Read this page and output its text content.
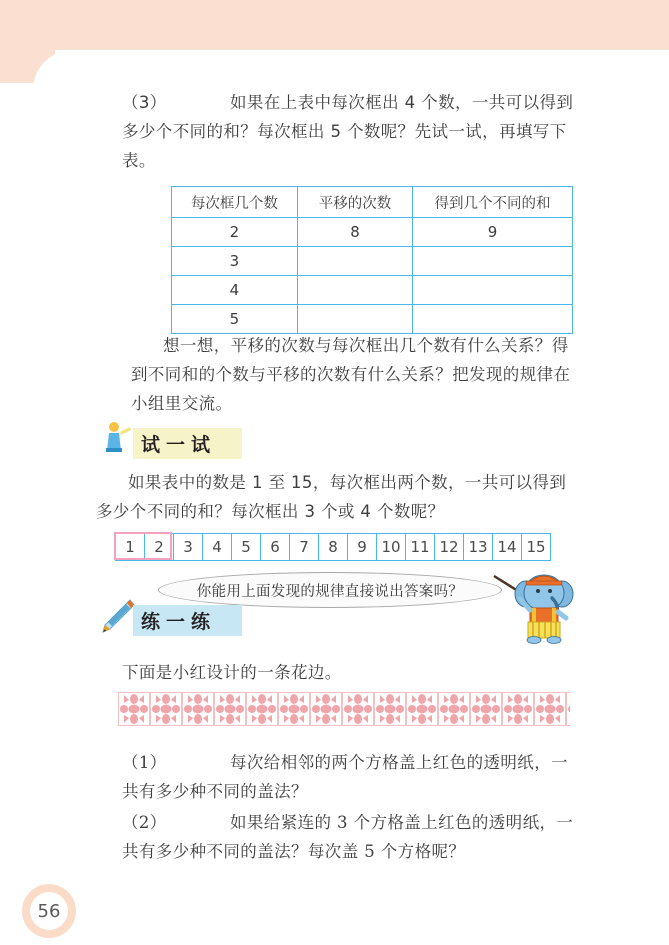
（3）	如果在上表中每次框出 4 个数，一共可以得到多少个不同的和？每次框出 5 个数呢？先试一试，再填写下表。
每次框几个数	平移的次数	得到几个不同的和
2	8	9
3		
4		
5		
想一想，平移的次数与每次框出几个数有什么关系？得到不同和的个数与平移的次数有什么关系？把发现的规律在小组里交流。
试一试
如果表中的数是 1 至 15，每次框出两个数，一共可以得到多少个不同的和？每次框出 3 个或 4 个数呢？
1	2	3	4	5	6	7	8	9 10 11 12 13 14 15
你能用上面发现的规律直接说出答案吗？
练一练
下面是小红设计的一条花边。
（1）	每次给相邻的两个方格盖上红色的透明纸，一共有多少种不同的盖法？
（2）	如果给紧连的 3 个方格盖上红色的透明纸，一共有多少种不同的盖法？每次盖 5 个方格呢？
56
